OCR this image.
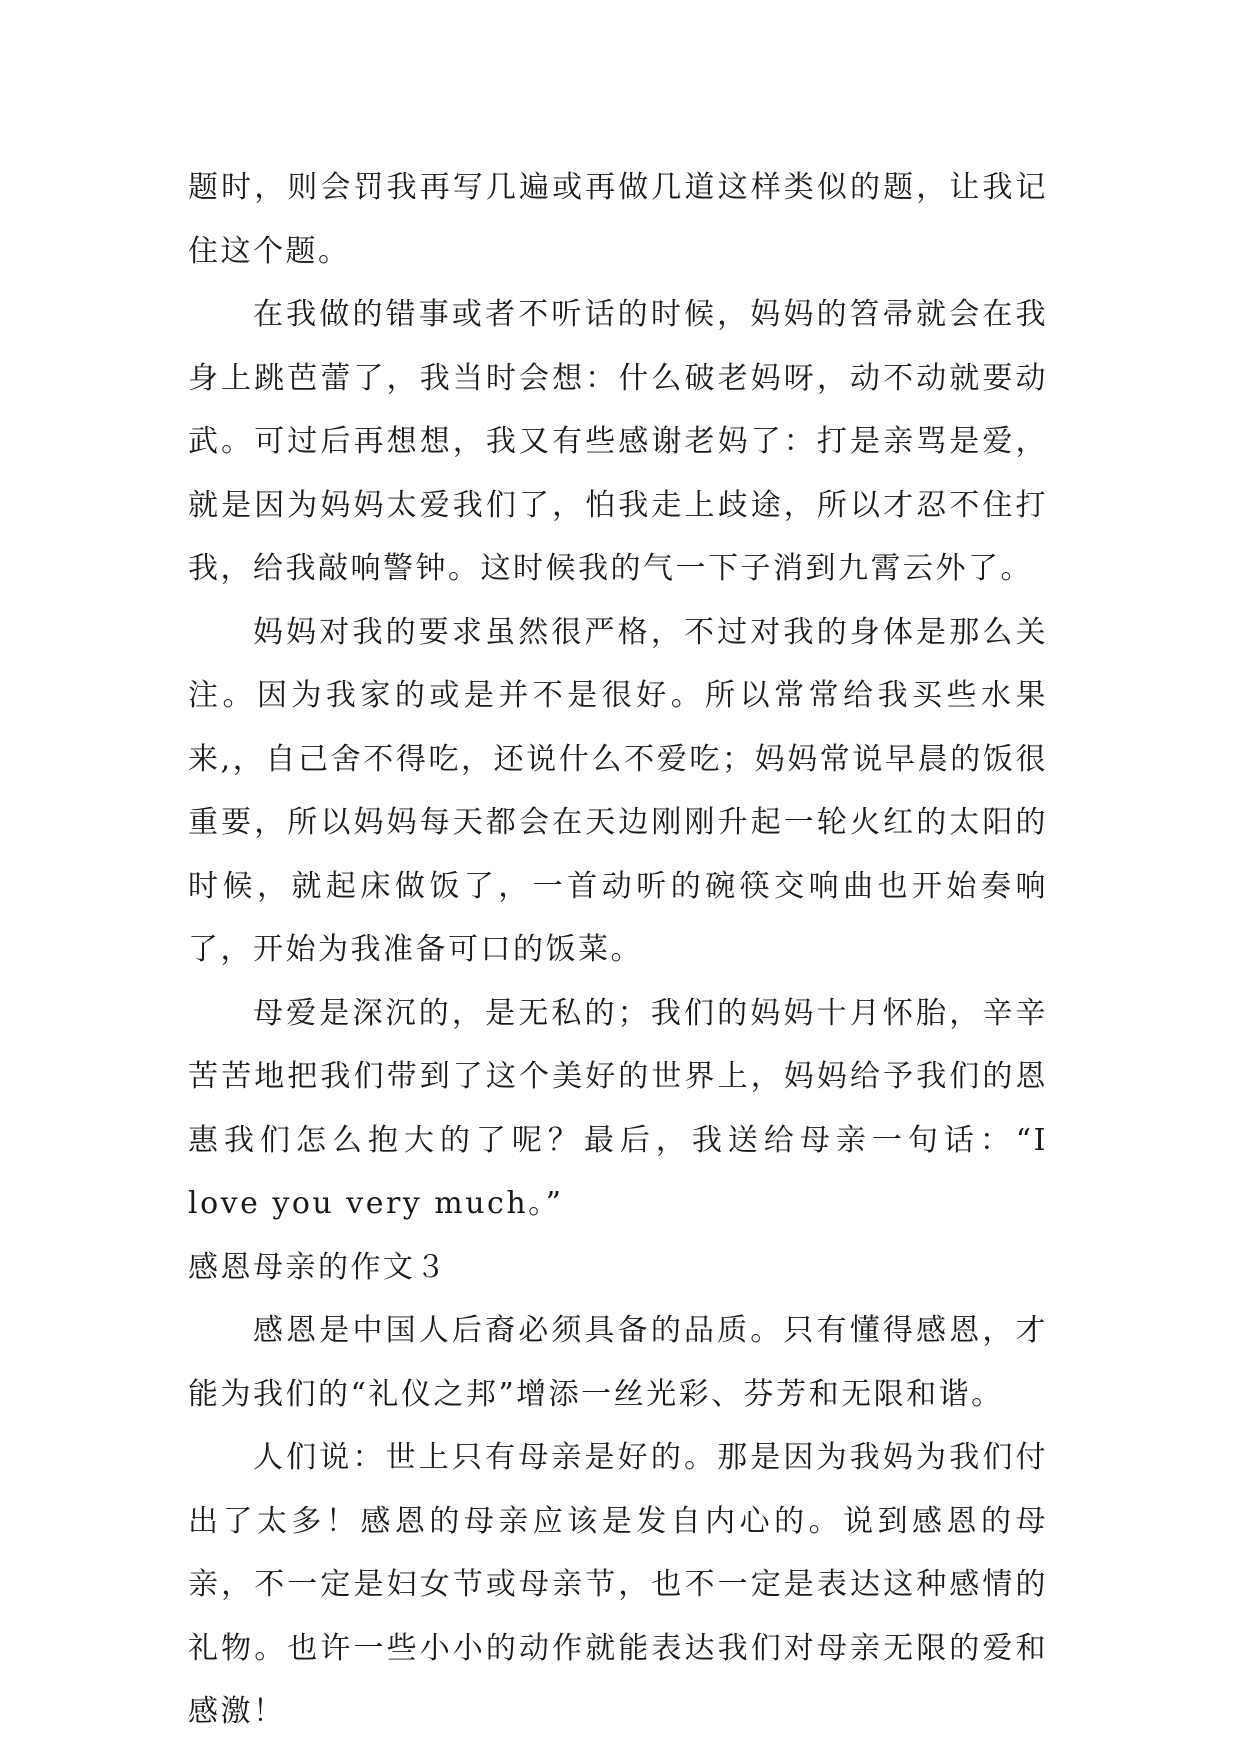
题时，则会罚我再写几遍或再做几道这样类似的题，让我记住这个题。

在我做的错事或者不听话的时候，妈妈的笤帚就会在我身上跳芭蕾了，我当时会想：什么破老妈呀，动不动就要动武。可过后再想想，我又有些感谢老妈了：打是亲骂是爱，就是因为妈妈太爱我们了，怕我走上歧途，所以才忍不住打我，给我敲响警钟。这时候我的气一下子消到九霄云外了。

妈妈对我的要求虽然很严格，不过对我的身体是那么关注。因为我家的或是并不是很好。所以常常给我买些水果来,，自己舍不得吃，还说什么不爱吃；妈妈常说早晨的饭很重要，所以妈妈每天都会在天边刚刚升起一轮火红的太阳的时候，就起床做饭了，一首动听的碗筷交响曲也开始奏响了，开始为我准备可口的饭菜。

母爱是深沉的，是无私的；我们的妈妈十月怀胎，辛辛苦苦地把我们带到了这个美好的世界上，妈妈给予我们的恩惠我们怎么抱大的了呢？最后，我送给母亲一句话：“I love you very much。”

感恩母亲的作文３

感恩是中国人后裔必须具备的品质。只有懂得感恩，才能为我们的“礼仪之邦”增添一丝光彩、芬芳和无限和谐。

人们说：世上只有母亲是好的。那是因为我妈为我们付出了太多！感恩的母亲应该是发自内心的。说到感恩的母亲，不一定是妇女节或母亲节，也不一定是表达这种感情的礼物。也许一些小小的动作就能表达我们对母亲无限的爱和感激！
